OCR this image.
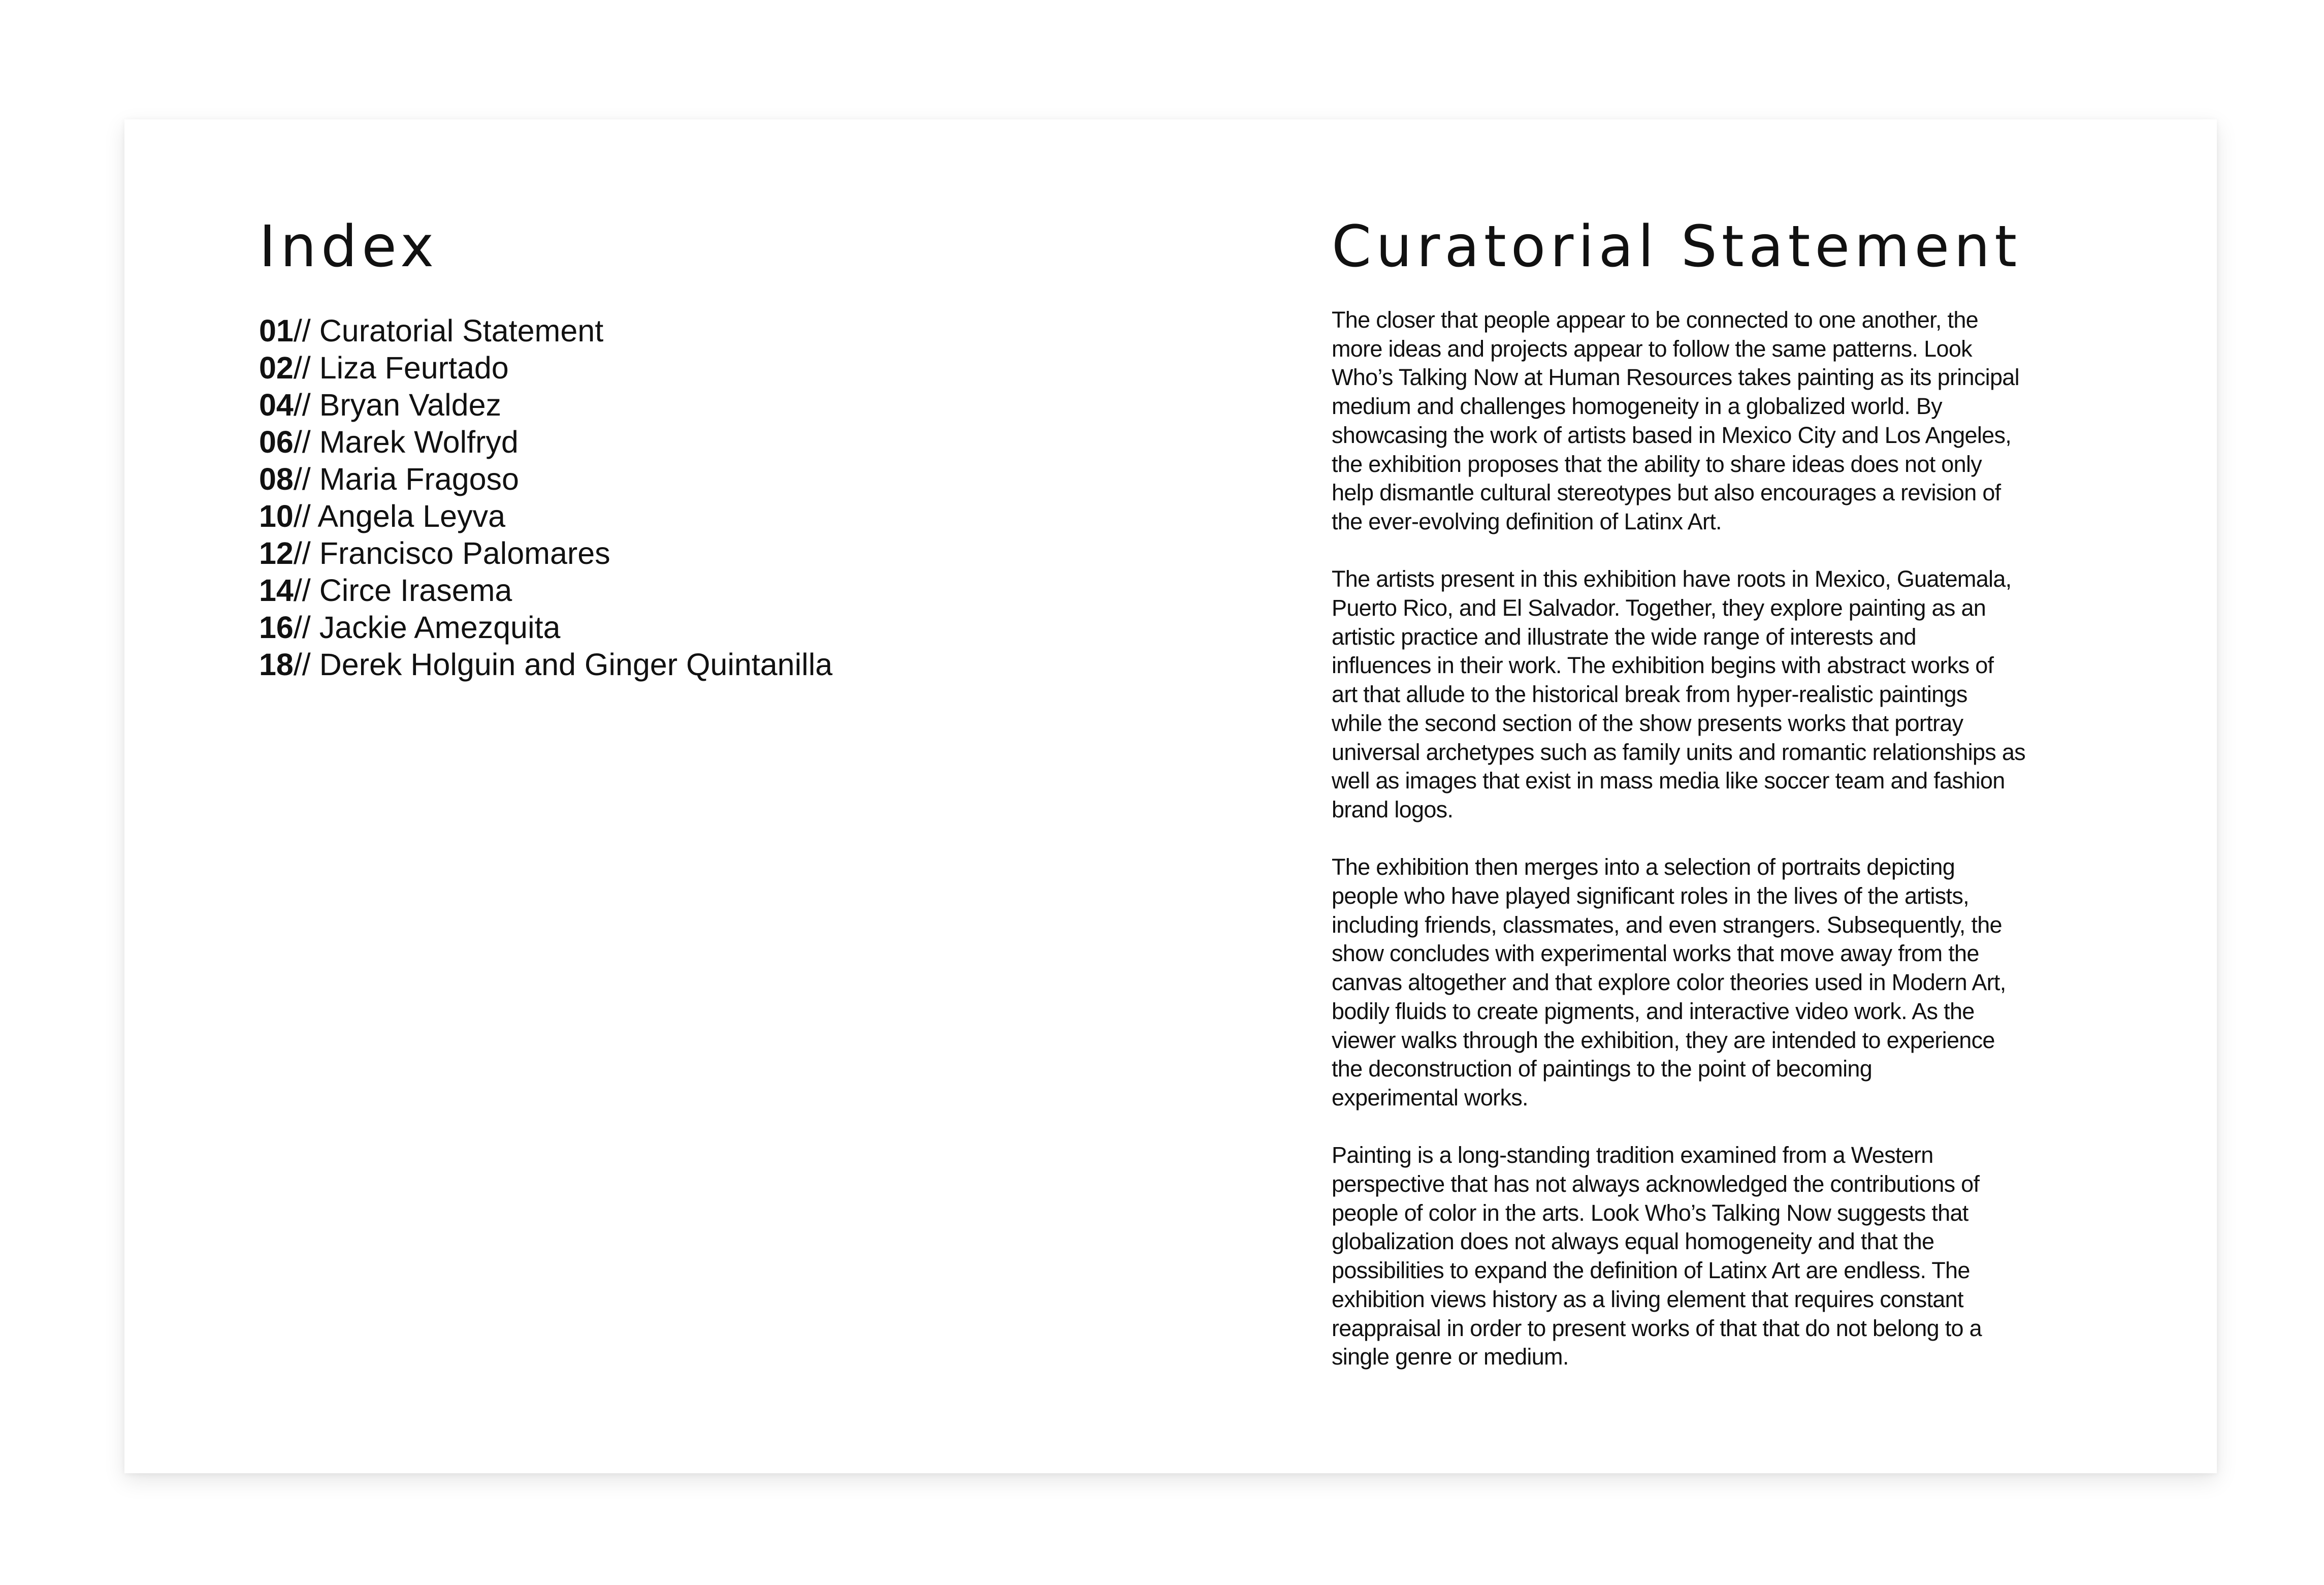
Index
01// Curatorial Statement
02// Liza Feurtado
04// Bryan Valdez
06// Marek Wolfryd
08// Maria Fragoso
10// Angela Leyva
12// Francisco Palomares
14// Circe Irasema
16// Jackie Amezquita
18// Derek Holguin and Ginger Quintanilla
Curatorial Statement

The closer that people appear to be connected to one another, the
more ideas and projects appear to follow the same patterns. Look
Who’s Talking Now at Human Resources takes painting as its principal
medium and challenges homogeneity in a globalized world. By
showcasing the work of artists based in Mexico City and Los Angeles,
the exhibition proposes that the ability to share ideas does not only
help dismantle cultural stereotypes but also encourages a revision of
the ever-evolving definition of Latinx Art.

The artists present in this exhibition have roots in Mexico, Guatemala,
Puerto Rico, and El Salvador. Together, they explore painting as an
artistic practice and illustrate the wide range of interests and
influences in their work. The exhibition begins with abstract works of
art that allude to the historical break from hyper-realistic paintings
while the second section of the show presents works that portray
universal archetypes such as family units and romantic relationships as
well as images that exist in mass media like soccer team and fashion
brand logos.

The exhibition then merges into a selection of portraits depicting
people who have played significant roles in the lives of the artists,
including friends, classmates, and even strangers. Subsequently, the
show concludes with experimental works that move away from the
canvas altogether and that explore color theories used in Modern Art,
bodily fluids to create pigments, and interactive video work. As the
viewer walks through the exhibition, they are intended to experience
the deconstruction of paintings to the point of becoming
experimental works.

Painting is a long-standing tradition examined from a Western
perspective that has not always acknowledged the contributions of
people of color in the arts. Look Who’s Talking Now suggests that
globalization does not always equal homogeneity and that the
possibilities to expand the definition of Latinx Art are endless. The
exhibition views history as a living element that requires constant
reappraisal in order to present works of that that do not belong to a
single genre or medium.
